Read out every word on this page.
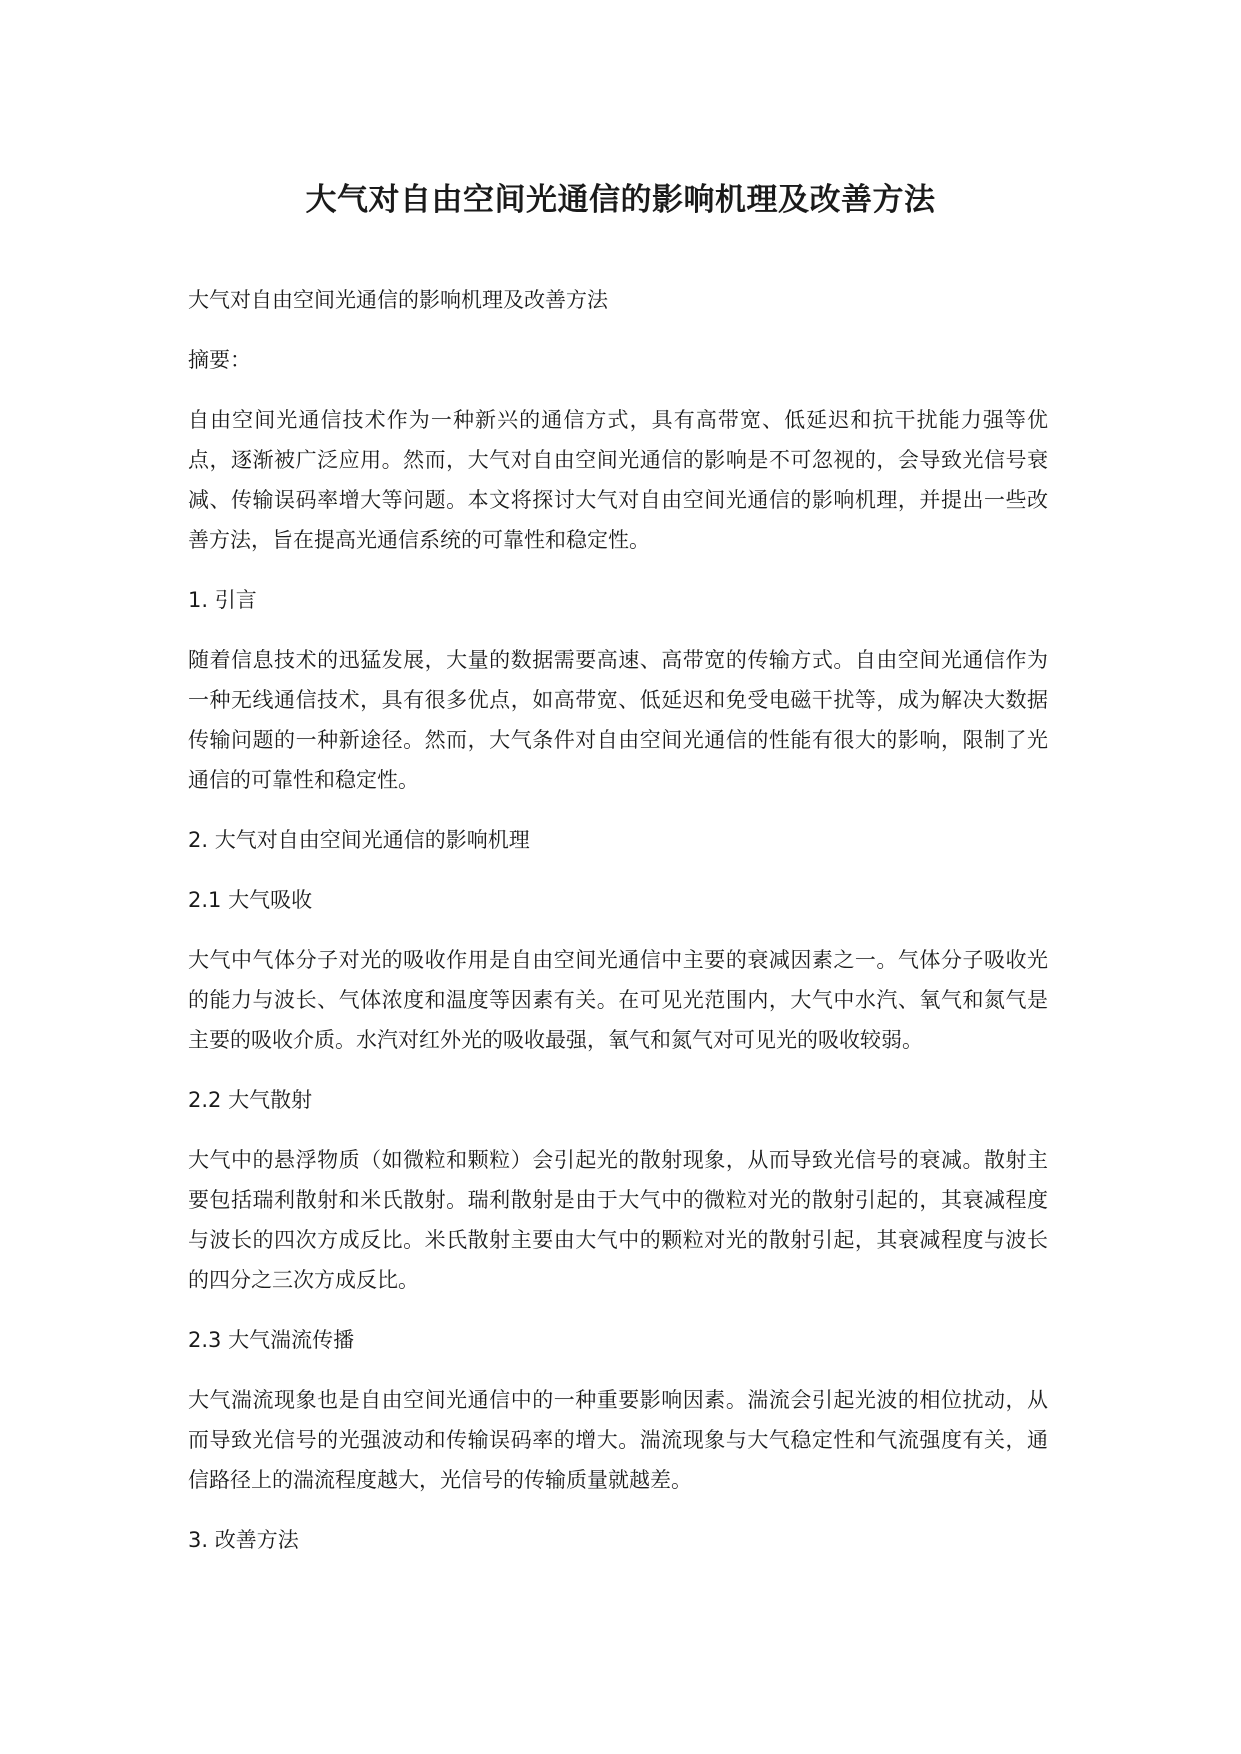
大气对自由空间光通信的影响机理及改善方法

大气对自由空间光通信的影响机理及改善方法

摘要：

自由空间光通信技术作为一种新兴的通信方式，具有高带宽、低延迟和抗干扰能力强等优点，逐渐被广泛应用。然而，大气对自由空间光通信的影响是不可忽视的，会导致光信号衰减、传输误码率增大等问题。本文将探讨大气对自由空间光通信的影响机理，并提出一些改善方法，旨在提高光通信系统的可靠性和稳定性。

1. 引言

随着信息技术的迅猛发展，大量的数据需要高速、高带宽的传输方式。自由空间光通信作为一种无线通信技术，具有很多优点，如高带宽、低延迟和免受电磁干扰等，成为解决大数据传输问题的一种新途径。然而，大气条件对自由空间光通信的性能有很大的影响，限制了光通信的可靠性和稳定性。

2. 大气对自由空间光通信的影响机理

2.1 大气吸收

大气中气体分子对光的吸收作用是自由空间光通信中主要的衰减因素之一。气体分子吸收光的能力与波长、气体浓度和温度等因素有关。在可见光范围内，大气中水汽、氧气和氮气是主要的吸收介质。水汽对红外光的吸收最强，氧气和氮气对可见光的吸收较弱。

2.2 大气散射

大气中的悬浮物质（如微粒和颗粒）会引起光的散射现象，从而导致光信号的衰减。散射主要包括瑞利散射和米氏散射。瑞利散射是由于大气中的微粒对光的散射引起的，其衰减程度与波长的四次方成反比。米氏散射主要由大气中的颗粒对光的散射引起，其衰减程度与波长的四分之三次方成反比。

2.3 大气湍流传播

大气湍流现象也是自由空间光通信中的一种重要影响因素。湍流会引起光波的相位扰动，从而导致光信号的光强波动和传输误码率的增大。湍流现象与大气稳定性和气流强度有关，通信路径上的湍流程度越大，光信号的传输质量就越差。

3. 改善方法
